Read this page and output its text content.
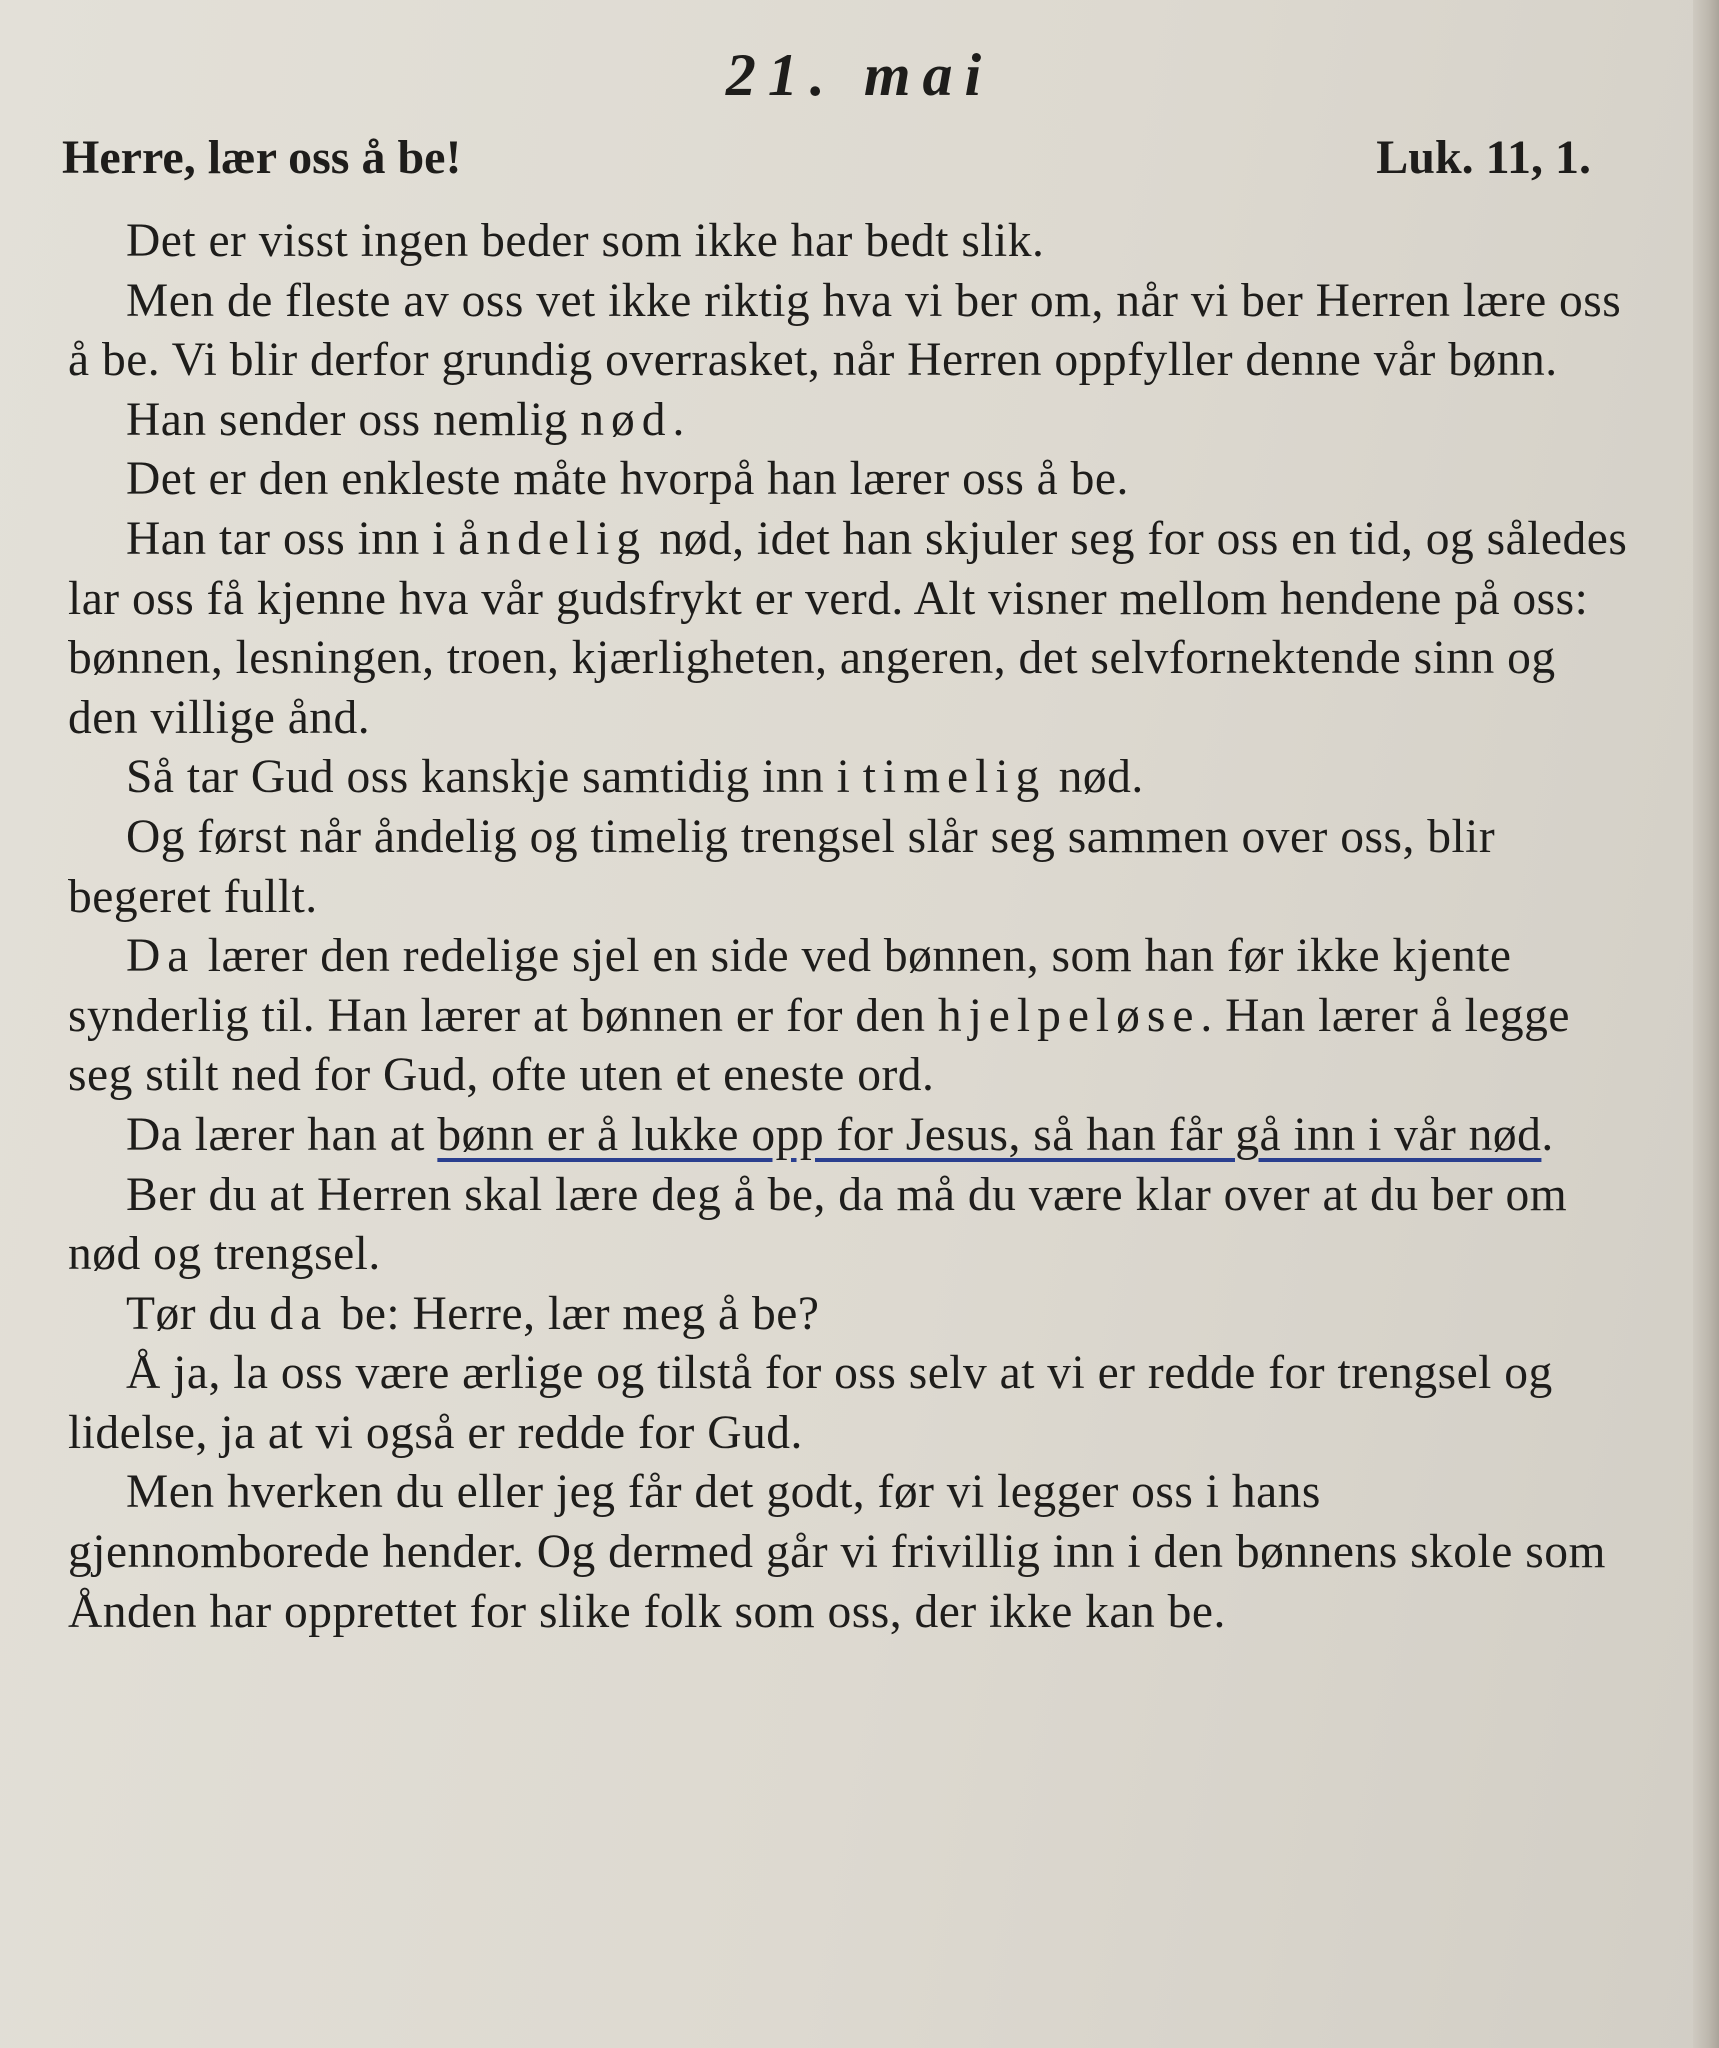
21. mai
Herre, lær oss å be!	Luk. 11, 1.

Det er visst ingen beder som ikke har bedt slik.

Men de fleste av oss vet ikke riktig hva vi ber om, når vi ber Herren lære oss å be. Vi blir derfor grundig overrasket, når Herren oppfyller denne vår bønn.

Han sender oss nemlig nød.

Det er den enkleste måte hvorpå han lærer oss å be.

Han tar oss inn i åndelig nød, idet han skjuler seg for oss en tid, og således lar oss få kjenne hva vår gudsfrykt er verd. Alt visner mellom hendene på oss: bønnen, lesningen, troen, kjærligheten, angeren, det selvfornektende sinn og den villige ånd.

Så tar Gud oss kanskje samtidig inn i timelig nød.

Og først når åndelig og timelig trengsel slår seg sammen over oss, blir begeret fullt.

Da lærer den redelige sjel en side ved bønnen, som han før ikke kjente synderlig til. Han lærer at bønnen er for den hjelpeløse. Han lærer å legge seg stilt ned for Gud, ofte uten et eneste ord.

Da lærer han at bønn er å lukke opp for Jesus, så han får gå inn i vår nød.

Ber du at Herren skal lære deg å be, da må du være klar over at du ber om nød og trengsel.

Tør du da be: Herre, lær meg å be?

Å ja, la oss være ærlige og tilstå for oss selv at vi er redde for trengsel og lidelse, ja at vi også er redde for Gud.

Men hverken du eller jeg får det godt, før vi legger oss i hans gjennomborede hender. Og dermed går vi frivillig inn i den bønnens skole som Ånden har opprettet for slike folk som oss, der ikke kan be.
